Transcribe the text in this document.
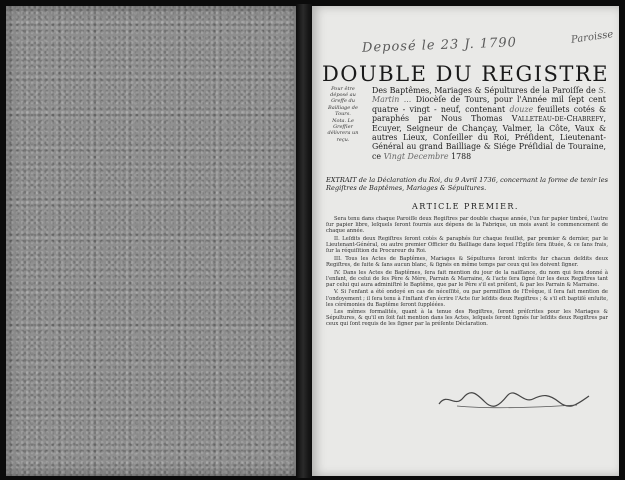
Deposé le 23 J. 1790	Paroisse
DOUBLE DU REGISTRE
Pour être déposé au Greffe du Bailliage de Tours.
Nota. Le Greffier délivrera un reçu.
Des Baptêmes, Mariages & Sépultures de la Paroiſſe de S. Martin ... Diocèſe de Tours, pour l'Année mil ſept cent quatre - vingt - neuf, contenant douze feuillets cotés & paraphés par Nous Thomas Valleteau-de-Chabrefy, Ecuyer, Seigneur de Chançay, Valmer, la Côte, Vaux & autres Lieux, Conſeiller du Roi, Préſident, Lieutenant-Général au grand Bailliage & Siége Préſidial de Touraine, ce Vingt Decembre 1788
EXTRAIT de la Déclaration du Roi, du 9 Avril 1736, concernant la forme de tenir les Regiſtres de Baptêmes, Mariages & Sépultures.
ARTICLE PREMIER.

Sera tenu dans chaque Paroiſſe deux Regiſtres par double chaque année, l'un ſur papier timbré, l'autre ſur papier libre, leſquels ſeront fournis aux dépens de la Fabrique, un mois avant le commencement de chaque année.

II. Leſdits deux Regiſtres ſeront cotés & paraphés ſur chaque feuillet, par premier & dernier, par le Lieutenant-Général, ou autre premier Officier du Bailliage dans lequel l'Égliſe ſera ſituée, & ce ſans frais, ſur la réquiſition du Procureur du Roi.

III. Tous les Actes de Baptêmes, Mariages & Sépultures ſeront inſcrits ſur chacun deſdits deux Regiſtres, de ſuite & ſans aucun blanc, & ſignés en même temps par ceux qui les doivent ſigner.

IV. Dans les Actes de Baptêmes, ſera fait mention du jour de la naiſſance, du nom qui ſera donné à l'enfant, de celui de ſes Père & Mère, Parrain & Marraine, & l'acte ſera ſigné ſur les deux Regiſtres tant par celui qui aura adminiſtré le Baptême, que par le Père s'il est préſent, & par les Parrain & Marraine.

V. Si l'enfant a été ondoyé en cas de néceſſité, ou par permiſſion de l'Évêque, il ſera fait mention de l'ondoyement ; il ſera tenu à l'inſtant d'en écrire l'Acte ſur leſdits deux Regiſtres ; & s'il eſt baptiſé enſuite, les cérémonies du Baptême ſeront ſuppléées.

Les mêmes formalités, quant à la tenue des Regiſtres, ſeront préſcrites pour les Mariages & Sépultures, & qu'il en ſoit fait mention dans les Actes, leſquels ſeront ſignés ſur leſdits deux Regiſtres par ceux qui ſont requis de les ſigner par la préſente Déclaration.
